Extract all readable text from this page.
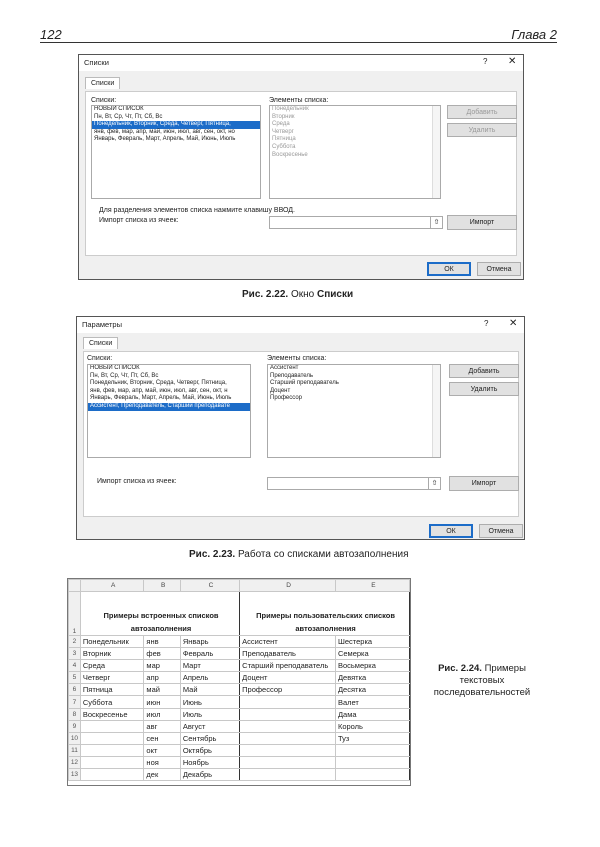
122	Глава 2
Списки	? ✕
Списки
Списки:
НОВЫЙ СПИСОК
Пн, Вт, Ср, Чт, Пт, Сб, Вс
Понедельник, Вторник, Среда, Четверг, Пятница,
янв, фев, мар, апр, май, июн, июл, авг, сен, окт, но
Январь, Февраль, Март, Апрель, Май, Июнь, Июль
Элементы списка:
Понедельник
Вторник
Среда
Четверг
Пятница
Суббота
Воскресенье
Добавить
Удалить
Для разделения элементов списка нажмите клавишу ВВОД.
Импорт списка из ячеек:	⇧	Импорт
ОК	Отмена
Рис. 2.22. Окно Списки
Параметры	? ✕
Списки
Списки:
НОВЫЙ СПИСОК
Пн, Вт, Ср, Чт, Пт, Сб, Вс
Понедельник, Вторник, Среда, Четверг, Пятница,
янв, фев, мар, апр, май, июн, июл, авг, сен, окт, н
Январь, Февраль, Март, Апрель, Май, Июнь, Июль
Ассистент, Преподаватель, Старший преподавате
Элементы списка:
Ассистент
Преподаватель
Старший преподаватель
Доцент
Профессор
Добавить
Удалить
Импорт списка из ячеек:	⇧	Импорт
ОК	Отмена
Рис. 2.23. Работа со списками автозаполнения
	A	B	C	D	E
1	Примеры встроенных списков автозаполнения			Примеры пользовательских списков автозаполнения	
2	Понедельник	янв	Январь	Ассистент	Шестерка
3	Вторник	фев	Февраль	Преподаватель	Семерка
4	Среда	мар	Март	Старший преподаватель	Восьмерка
5	Четверг	апр	Апрель	Доцент	Девятка
6	Пятница	май	Май	Профессор	Десятка
7	Суббота	июн	Июнь		Валет
8	Воскресенье	июл	Июль		Дама
9		авг	Август		Король
10		сен	Сентябрь		Туз
11		окт	Октябрь		
12		ноя	Ноябрь		
13		дек	Декабрь		
Рис. 2.24. Примеры текстовых последовательностей
